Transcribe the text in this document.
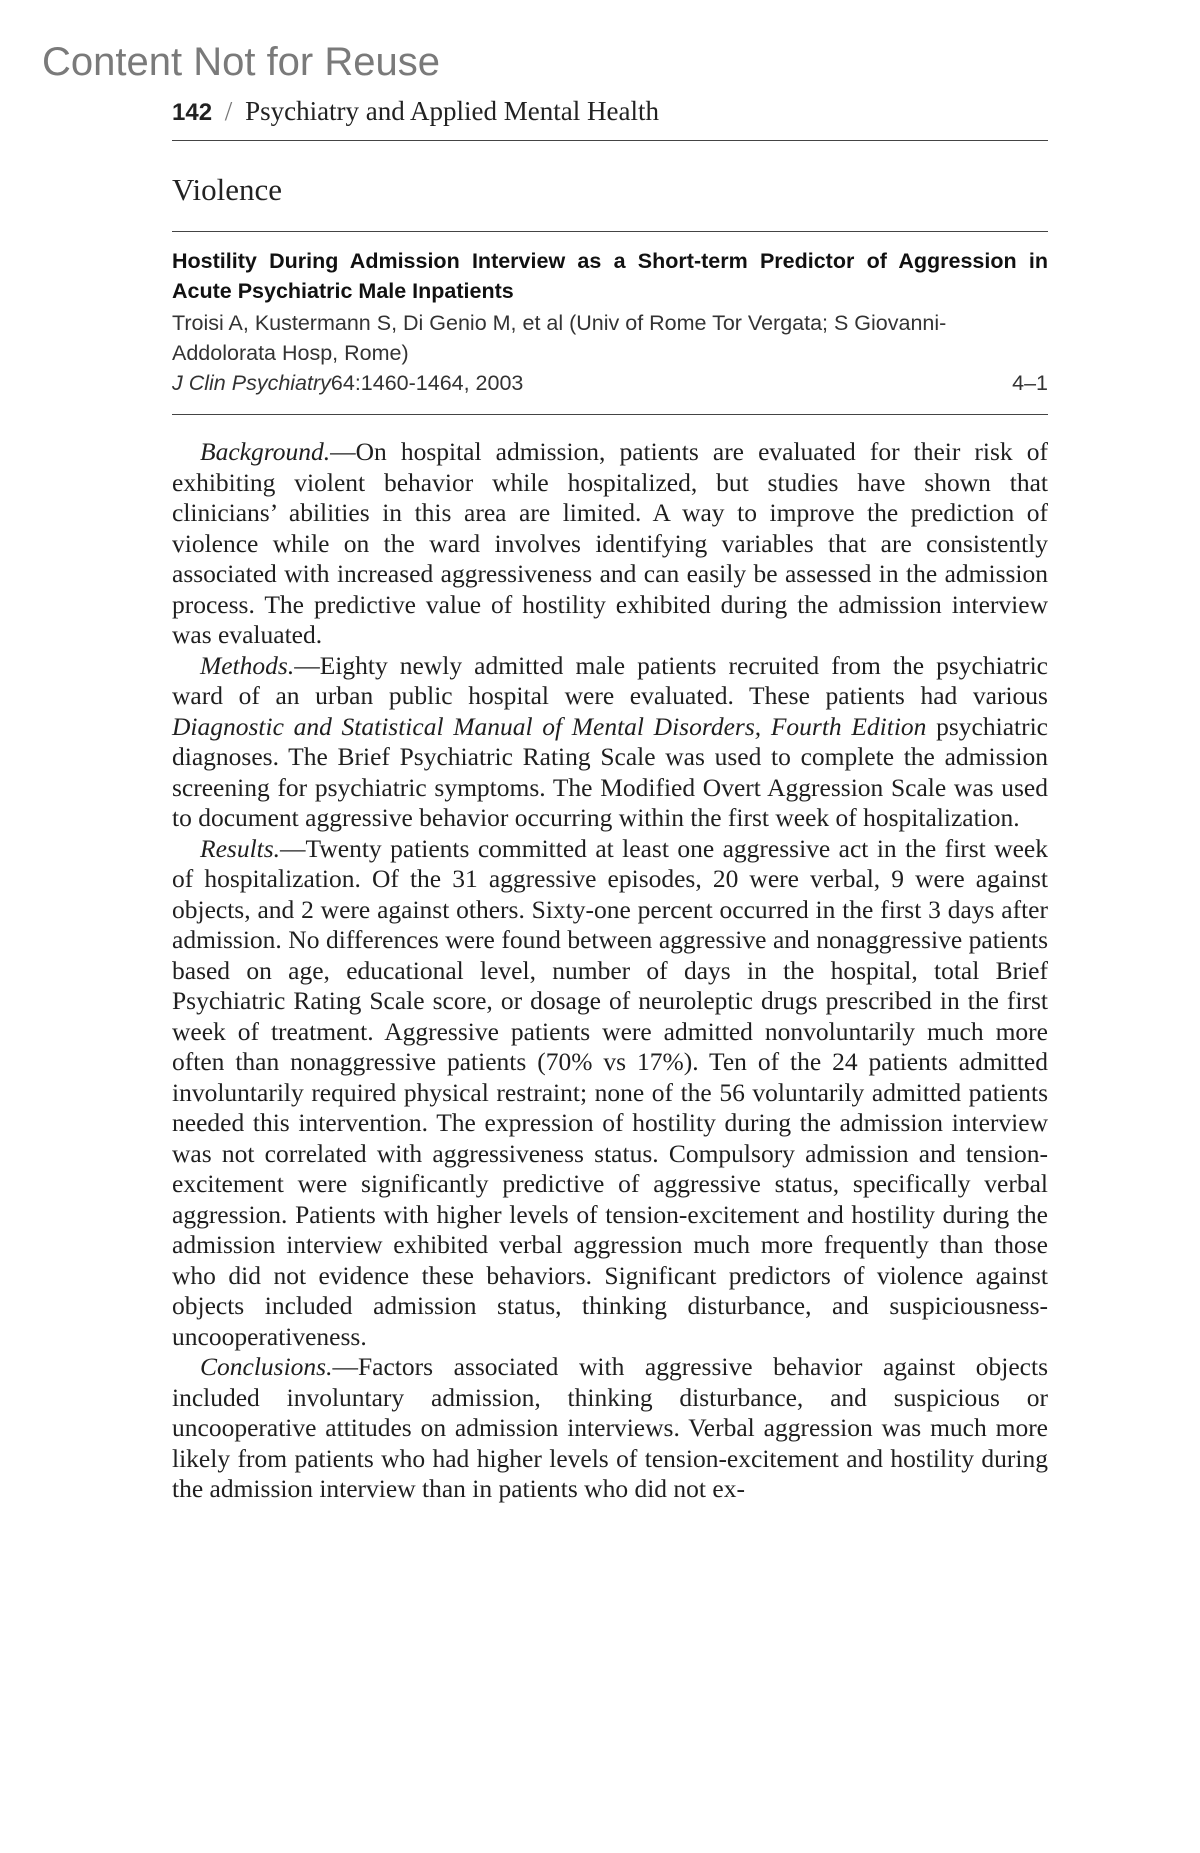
Content Not for Reuse
142 / Psychiatry and Applied Mental Health
Violence
Hostility During Admission Interview as a Short-term Predictor of Aggression in Acute Psychiatric Male Inpatients
Troisi A, Kustermann S, Di Genio M, et al (Univ of Rome Tor Vergata; S Giovanni-Addolorata Hosp, Rome)
J Clin Psychiatry64:1460-1464, 2003	4–1

Background.—On hospital admission, patients are evaluated for their risk of exhibiting violent behavior while hospitalized, but studies have shown that clinicians’ abilities in this area are limited. A way to improve the prediction of violence while on the ward involves identifying variables that are consistently associated with increased aggressiveness and can easily be assessed in the admission process. The predictive value of hostility exhibited during the admission interview was evaluated.

Methods.—Eighty newly admitted male patients recruited from the psychiatric ward of an urban public hospital were evaluated. These patients had various Diagnostic and Statistical Manual of Mental Disorders, Fourth Edition psychiatric diagnoses. The Brief Psychiatric Rating Scale was used to complete the admission screening for psychiatric symptoms. The Modified Overt Aggression Scale was used to document aggressive behavior occurring within the first week of hospitalization.

Results.—Twenty patients committed at least one aggressive act in the first week of hospitalization. Of the 31 aggressive episodes, 20 were verbal, 9 were against objects, and 2 were against others. Sixty-one percent occurred in the first 3 days after admission. No differences were found between aggressive and nonaggressive patients based on age, educational level, number of days in the hospital, total Brief Psychiatric Rating Scale score, or dosage of neuroleptic drugs prescribed in the first week of treatment. Aggressive patients were admitted nonvoluntarily much more often than nonaggressive patients (70% vs 17%). Ten of the 24 patients admitted involuntarily required physical restraint; none of the 56 voluntarily admitted patients needed this intervention. The expression of hostility during the admission interview was not correlated with aggressiveness status. Compulsory admission and tension-excitement were significantly predictive of aggressive status, specifically verbal aggression. Patients with higher levels of tension-excitement and hostility during the admission interview exhibited verbal aggression much more frequently than those who did not evidence these behaviors. Significant predictors of violence against objects included admission status, thinking disturbance, and suspiciousness-uncooperativeness.

Conclusions.—Factors associated with aggressive behavior against objects included involuntary admission, thinking disturbance, and suspicious or uncooperative attitudes on admission interviews. Verbal aggression was much more likely from patients who had higher levels of tension-excitement and hostility during the admission interview than in patients who did not ex-
